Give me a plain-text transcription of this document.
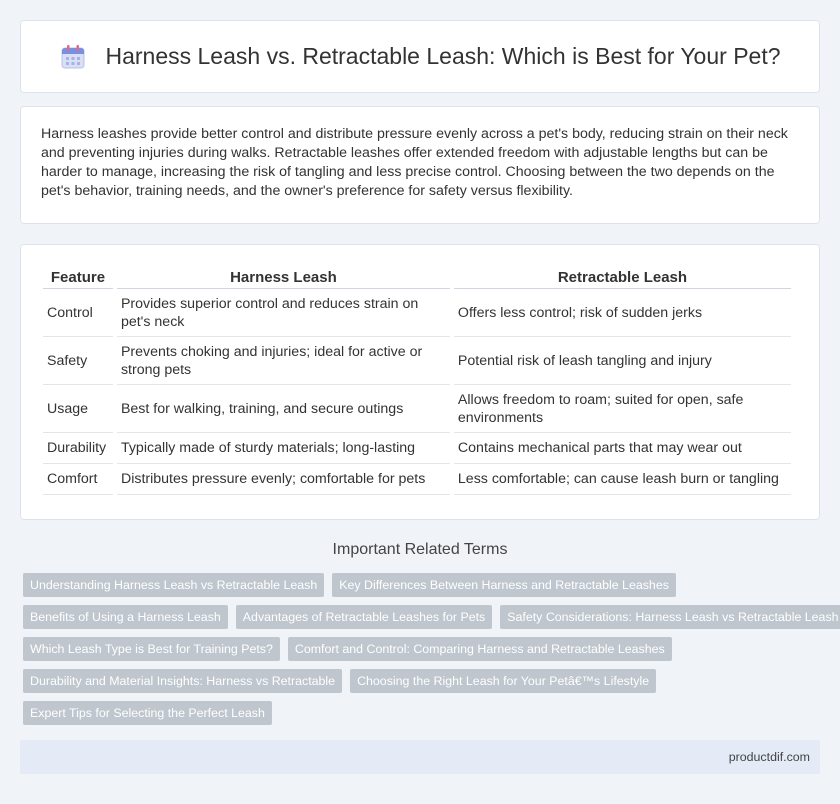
Harness Leash vs. Retractable Leash: Which is Best for Your Pet?

Harness leashes provide better control and distribute pressure evenly across a pet's body, reducing strain on their neck and preventing injuries during walks. Retractable leashes offer extended freedom with adjustable lengths but can be harder to manage, increasing the risk of tangling and less precise control. Choosing between the two depends on the pet's behavior, training needs, and the owner's preference for safety versus flexibility.

Feature	Harness Leash	Retractable Leash
Control	Provides superior control and reduces strain on pet's neck	Offers less control; risk of sudden jerks
Safety	Prevents choking and injuries; ideal for active or strong pets	Potential risk of leash tangling and injury
Usage	Best for walking, training, and secure outings	Allows freedom to roam; suited for open, safe environments
Durability	Typically made of sturdy materials; long-lasting	Contains mechanical parts that may wear out
Comfort	Distributes pressure evenly; comfortable for pets	Less comfortable; can cause leash burn or tangling
Important Related Terms
Understanding Harness Leash vs Retractable Leash	Key Differences Between Harness and Retractable Leashes
Benefits of Using a Harness Leash	Advantages of Retractable Leashes for Pets	Safety Considerations: Harness Leash vs Retractable Leash
Which Leash Type is Best for Training Pets?	Comfort and Control: Comparing Harness and Retractable Leashes
Durability and Material Insights: Harness vs Retractable	Choosing the Right Leash for Your Petâ€™s Lifestyle
Expert Tips for Selecting the Perfect Leash
productdif.com
